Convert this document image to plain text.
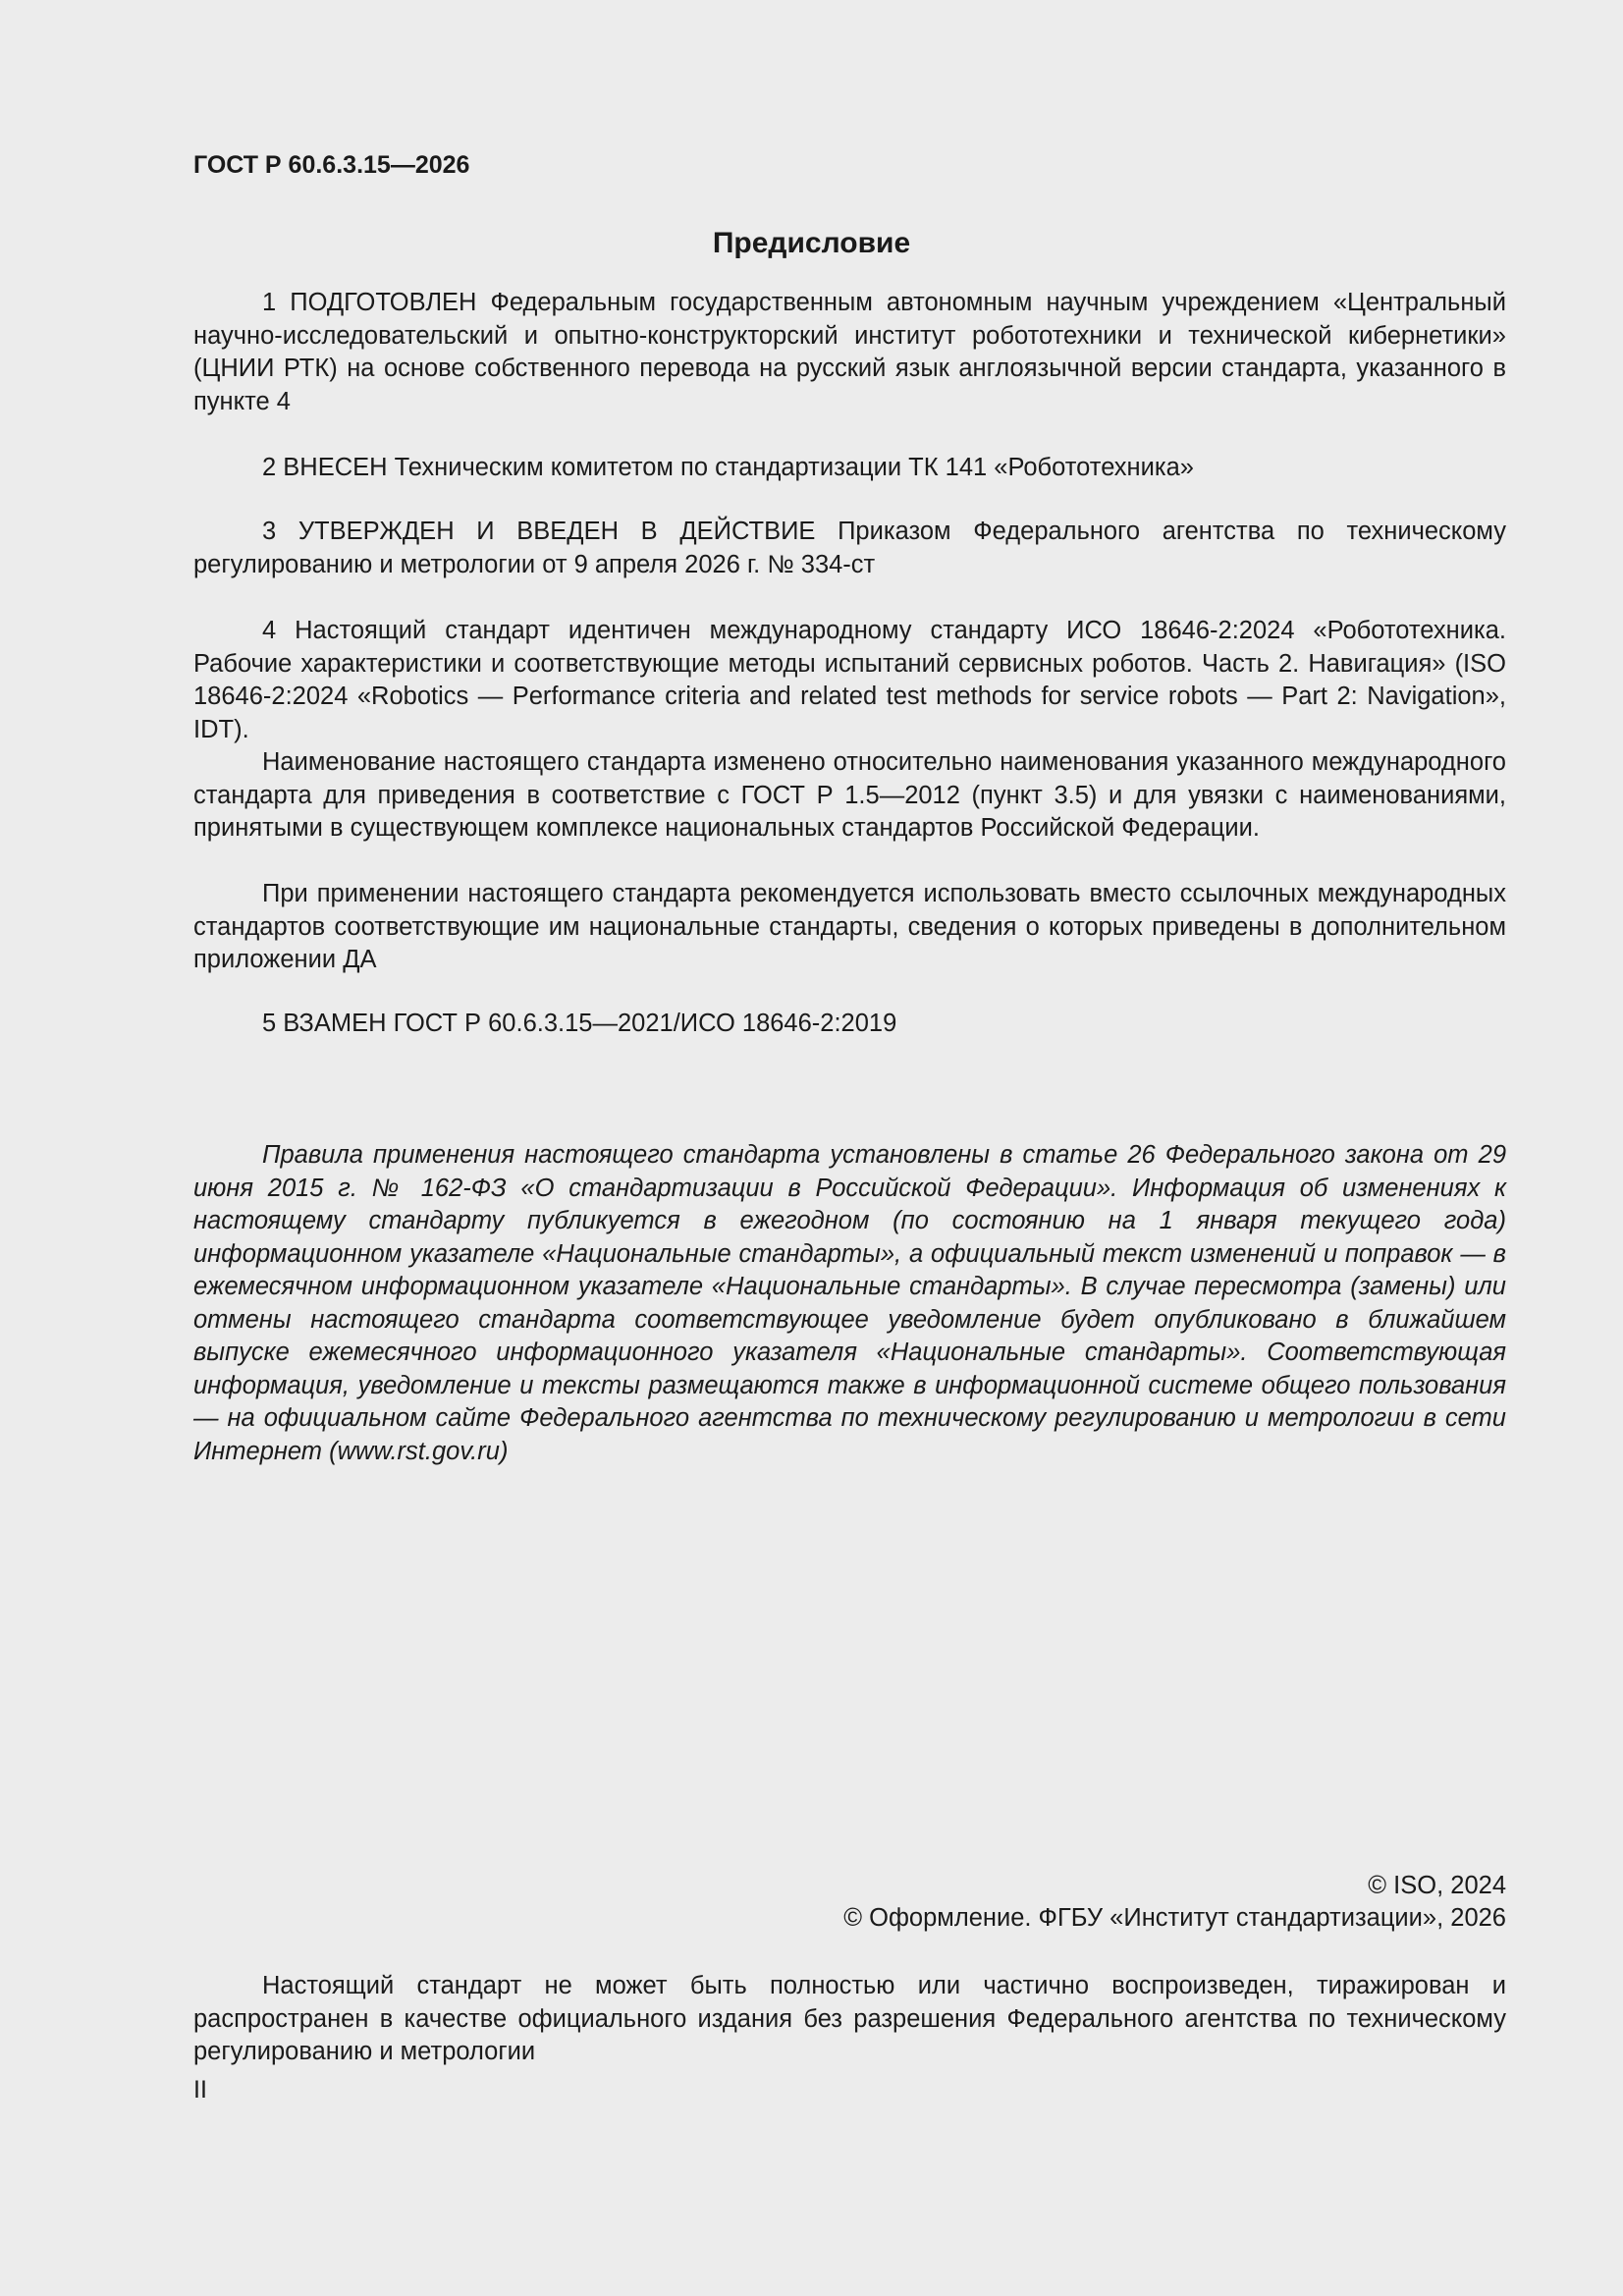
ГОСТ Р 60.6.3.15—2026
Предисловие

1 ПОДГОТОВЛЕН Федеральным государственным автономным научным учреждением «Центральный научно-исследовательский и опытно-конструкторский институт робототехники и технической кибернетики» (ЦНИИ РТК) на основе собственного перевода на русский язык англоязычной версии стандарта, указанного в пункте 4

2 ВНЕСЕН Техническим комитетом по стандартизации ТК 141 «Робототехника»

3 УТВЕРЖДЕН И ВВЕДЕН В ДЕЙСТВИЕ Приказом Федерального агентства по техническому регулированию и метрологии от 9 апреля 2026 г. № 334-ст

4 Настоящий стандарт идентичен международному стандарту ИСО 18646-2:2024 «Робототехника. Рабочие характеристики и соответствующие методы испытаний сервисных роботов. Часть 2. Навигация» (ISO 18646-2:2024 «Robotics — Performance criteria and related test methods for service robots — Part 2: Navigation», IDT).

Наименование настоящего стандарта изменено относительно наименования указанного международного стандарта для приведения в соответствие с ГОСТ Р 1.5—2012 (пункт 3.5) и для увязки с наименованиями, принятыми в существующем комплексе национальных стандартов Российской Федерации.

При применении настоящего стандарта рекомендуется использовать вместо ссылочных международных стандартов соответствующие им национальные стандарты, сведения о которых приведены в дополнительном приложении ДА

5 ВЗАМЕН ГОСТ Р 60.6.3.15—2021/ИСО 18646-2:2019

Правила применения настоящего стандарта установлены в статье 26 Федерального закона от 29 июня 2015 г. № 162-ФЗ «О стандартизации в Российской Федерации». Информация об изменениях к настоящему стандарту публикуется в ежегодном (по состоянию на 1 января текущего года) информационном указателе «Национальные стандарты», а официальный текст изменений и поправок — в ежемесячном информационном указателе «Национальные стандарты». В случае пересмотра (замены) или отмены настоящего стандарта соответствующее уведомление будет опубликовано в ближайшем выпуске ежемесячного информационного указателя «Национальные стандарты». Соответствующая информация, уведомление и тексты размещаются также в информационной системе общего пользования — на официальном сайте Федерального агентства по техническому регулированию и метрологии в сети Интернет (www.rst.gov.ru)

© ISO, 2024
© Оформление. ФГБУ «Институт стандартизации», 2026

Настоящий стандарт не может быть полностью или частично воспроизведен, тиражирован и распространен в качестве официального издания без разрешения Федерального агентства по техническому регулированию и метрологии

II
